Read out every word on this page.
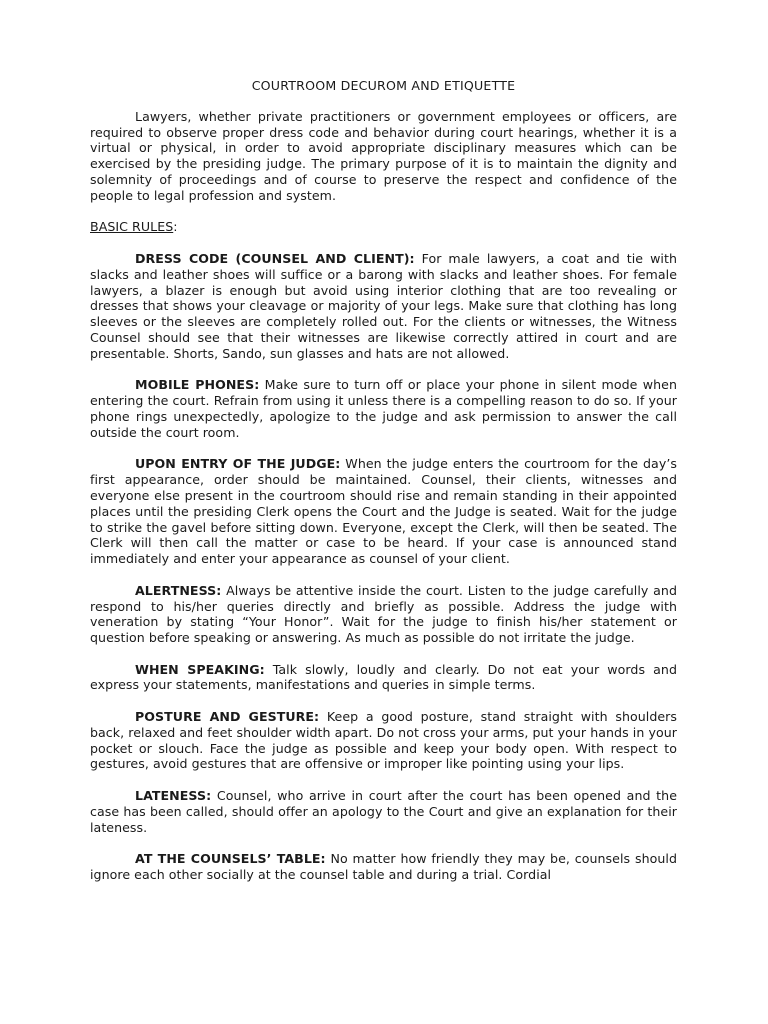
COURTROOM DECUROM AND ETIQUETTE

Lawyers, whether private practitioners or government employees or officers, are required to observe proper dress code and behavior during court hearings, whether it is a virtual or physical, in order to avoid appropriate disciplinary measures which can be exercised by the presiding judge. The primary purpose of it is to maintain the dignity and solemnity of proceedings and of course to preserve the respect and confidence of the people to legal profession and system.

BASIC RULES:

DRESS CODE (COUNSEL AND CLIENT): For male lawyers, a coat and tie with slacks and leather shoes will suffice or a barong with slacks and leather shoes. For female lawyers, a blazer is enough but avoid using interior clothing that are too revealing or dresses that shows your cleavage or majority of your legs. Make sure that clothing has long sleeves or the sleeves are completely rolled out. For the clients or witnesses, the Witness Counsel should see that their witnesses are likewise correctly attired in court and are presentable. Shorts, Sando, sun glasses and hats are not allowed.

MOBILE PHONES: Make sure to turn off or place your phone in silent mode when entering the court. Refrain from using it unless there is a compelling reason to do so. If your phone rings unexpectedly, apologize to the judge and ask permission to answer the call outside the court room.

UPON ENTRY OF THE JUDGE: When the judge enters the courtroom for the day’s first appearance, order should be maintained. Counsel, their clients, witnesses and everyone else present in the courtroom should rise and remain standing in their appointed places until the presiding Clerk opens the Court and the Judge is seated. Wait for the judge to strike the gavel before sitting down. Everyone, except the Clerk, will then be seated. The Clerk will then call the matter or case to be heard. If your case is announced stand immediately and enter your appearance as counsel of your client.

ALERTNESS: Always be attentive inside the court. Listen to the judge carefully and respond to his/her queries directly and briefly as possible. Address the judge with veneration by stating “Your Honor”. Wait for the judge to finish his/her statement or question before speaking or answering. As much as possible do not irritate the judge.

WHEN SPEAKING: Talk slowly, loudly and clearly. Do not eat your words and express your statements, manifestations and queries in simple terms.

POSTURE AND GESTURE: Keep a good posture, stand straight with shoulders back, relaxed and feet shoulder width apart. Do not cross your arms, put your hands in your pocket or slouch. Face the judge as possible and keep your body open. With respect to gestures, avoid gestures that are offensive or improper like pointing using your lips.

LATENESS: Counsel, who arrive in court after the court has been opened and the case has been called, should offer an apology to the Court and give an explanation for their lateness.

AT THE COUNSELS’ TABLE: No matter how friendly they may be, counsels should ignore each other socially at the counsel table and during a trial. Cordial
